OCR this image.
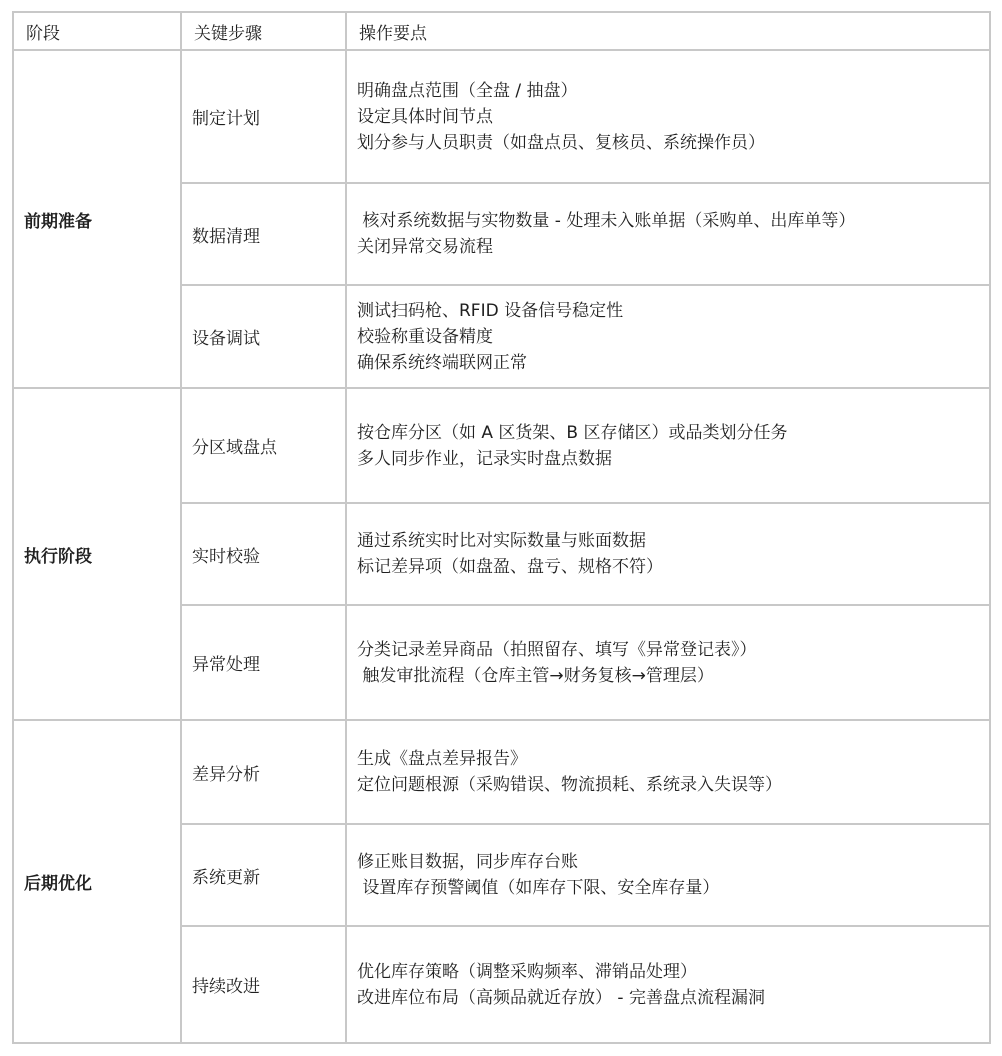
阶段	关键步骤	操作要点
前期准备	制定计划	明确盘点范围（全盘 / 抽盘）
设定具体时间节点
划分参与人员职责（如盘点员、复核员、系统操作员）

	数据清理	核对系统数据与实物数量 - 处理未入账单据（采购单、出库单等）
关闭异常交易流程

	设备调试	测试扫码枪、RFID 设备信号稳定性
校验称重设备精度
确保系统终端联网正常

执行阶段	分区域盘点	按仓库分区（如 A 区货架、B 区存储区）或品类划分任务
多人同步作业，记录实时盘点数据

	实时校验	通过系统实时比对实际数量与账面数据
标记差异项（如盘盈、盘亏、规格不符）

	异常处理	分类记录差异商品（拍照留存、填写《异常登记表》）
触发审批流程（仓库主管→财务复核→管理层）

后期优化	差异分析	生成《盘点差异报告》
定位问题根源（采购错误、物流损耗、系统录入失误等）

	系统更新	修正账目数据，同步库存台账
设置库存预警阈值（如库存下限、安全库存量）

	持续改进	优化库存策略（调整采购频率、滞销品处理）
改进库位布局（高频品就近存放） - 完善盘点流程漏洞
